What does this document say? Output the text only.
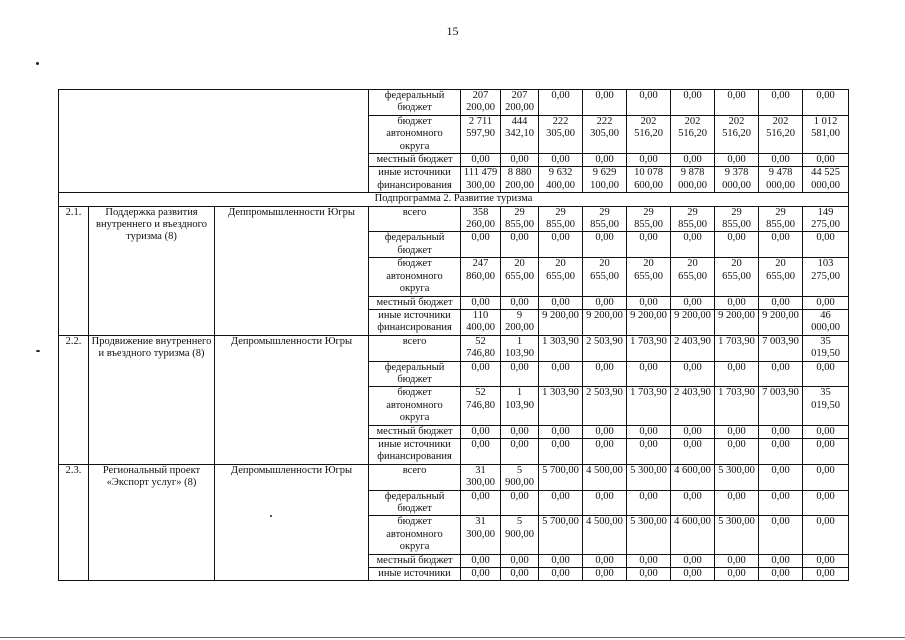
15
			федеральный бюджет	207 200,00	207 200,00	0,00	0,00	0,00	0,00	0,00	0,00	0,00
			бюджет автономного округа	2 711 597,90	444 342,10	222 305,00	222 305,00	202 516,20	202 516,20	202 516,20	202 516,20	1 012 581,00
			местный бюджет	0,00	0,00	0,00	0,00	0,00	0,00	0,00	0,00	0,00
			иные источники финансирования	111 479 300,00	8 880 200,00	9 632 400,00	9 629 100,00	10 078 600,00	9 878 000,00	9 378 000,00	9 478 000,00	44 525 000,00
Подпрограмма 2. Развитие туризма												
2.1.	Поддержка развития внутреннего и въездного туризма (8)	Деппромышленности Югры	всего	358 260,00	29 855,00	29 855,00	29 855,00	29 855,00	29 855,00	29 855,00	29 855,00	149 275,00
			федеральный бюджет	0,00	0,00	0,00	0,00	0,00	0,00	0,00	0,00	0,00
			бюджет автономного округа	247 860,00	20 655,00	20 655,00	20 655,00	20 655,00	20 655,00	20 655,00	20 655,00	103 275,00
			местный бюджет	0,00	0,00	0,00	0,00	0,00	0,00	0,00	0,00	0,00
			иные источники финансирования	110 400,00	9 200,00	9 200,00	9 200,00	9 200,00	9 200,00	9 200,00	9 200,00	46 000,00
2.2.	Продвижение внутреннего и въездного туризма (8)	Депромышленности Югры	всего	52 746,80	1 103,90	1 303,90	2 503,90	1 703,90	2 403,90	1 703,90	7 003,90	35 019,50
			федеральный бюджет	0,00	0,00	0,00	0,00	0,00	0,00	0,00	0,00	0,00
			бюджет автономного округа	52 746,80	1 103,90	1 303,90	2 503,90	1 703,90	2 403,90	1 703,90	7 003,90	35 019,50
			местный бюджет	0,00	0,00	0,00	0,00	0,00	0,00	0,00	0,00	0,00
			иные источники финансирования	0,00	0,00	0,00	0,00	0,00	0,00	0,00	0,00	0,00
2.3.	Региональный проект «Экспорт услуг» (8)	Депромышленности Югры	всего	31 300,00	5 900,00	5 700,00	4 500,00	5 300,00	4 600,00	5 300,00	0,00	0,00
			федеральный бюджет	0,00	0,00	0,00	0,00	0,00	0,00	0,00	0,00	0,00
			бюджет автономного округа	31 300,00	5 900,00	5 700,00	4 500,00	5 300,00	4 600,00	5 300,00	0,00	0,00
			местный бюджет	0,00	0,00	0,00	0,00	0,00	0,00	0,00	0,00	0,00
			иные источники	0,00	0,00	0,00	0,00	0,00	0,00	0,00	0,00	0,00
